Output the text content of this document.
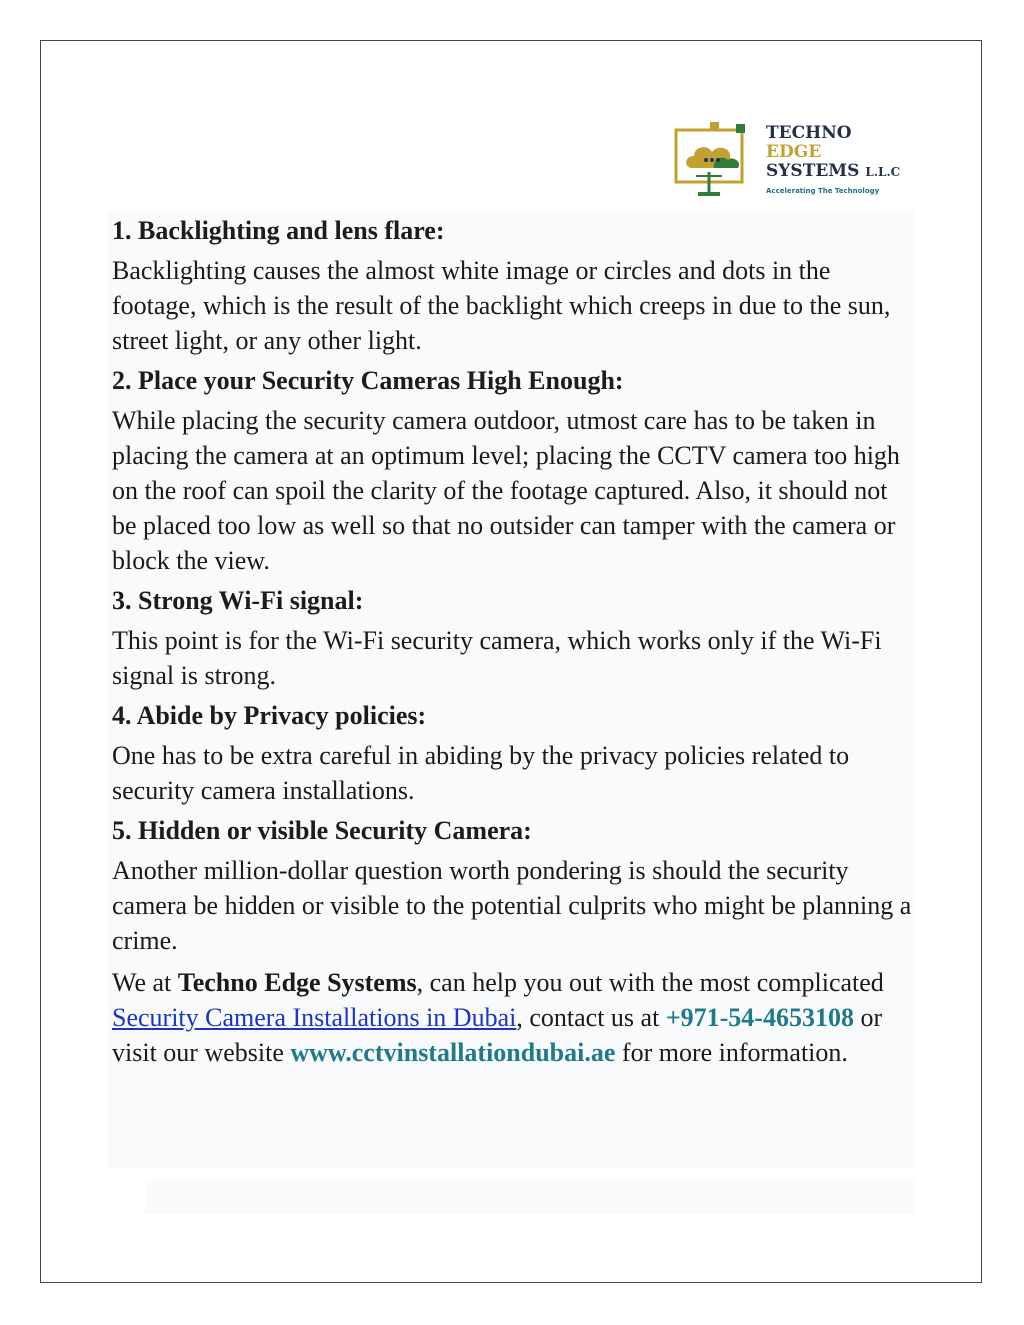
TECHNO
EDGE
SYSTEMS L.L.C
Accelerating The Technology
1. Backlighting and lens flare:

Backlighting causes the almost white image or circles and dots in the footage, which is the result of the backlight which creeps in due to the sun, street light, or any other light.

2. Place your Security Cameras High Enough:

While placing the security camera outdoor, utmost care has to be taken in placing the camera at an optimum level; placing the CCTV camera too high on the roof can spoil the clarity of the footage captured. Also, it should not be placed too low as well so that no outsider can tamper with the camera or block the view.

3. Strong Wi-Fi signal:

This point is for the Wi-Fi security camera, which works only if the Wi-Fi signal is strong.

4. Abide by Privacy policies:

One has to be extra careful in abiding by the privacy policies related to security camera installations.

5. Hidden or visible Security Camera:

Another million-dollar question worth pondering is should the security camera be hidden or visible to the potential culprits who might be planning a crime.

We at Techno Edge Systems, can help you out with the most complicated Security Camera Installations in Dubai, contact us at +971-54-4653108 or visit our website www.cctvinstallationdubai.ae for more information.
